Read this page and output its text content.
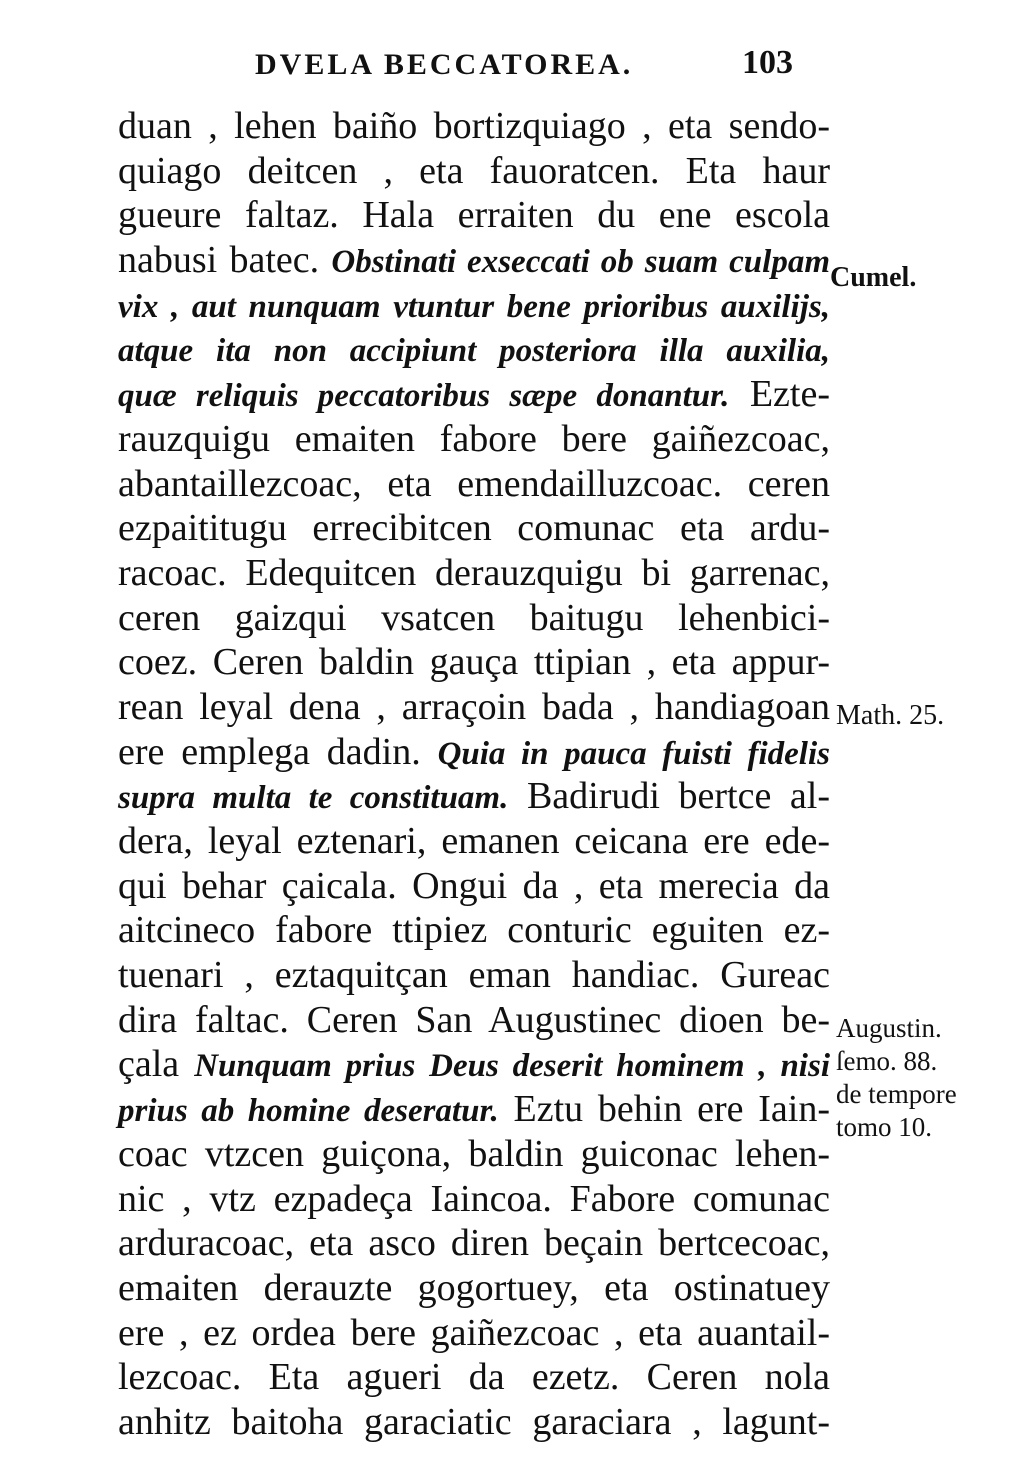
DVELA BECCATOREA.	103
duan , lehen baiño bortizquiago , eta sendo-
quiago deitcen , eta fauoratcen. Eta haur
gueure faltaz. Hala erraiten du ene escola
nabusi batec. Obstinati exseccati ob suam culpam
vix , aut nunquam vtuntur bene prioribus auxilijs,
atque ita non accipiunt posteriora illa auxilia,
quæ reliquis peccatoribus sæpe donantur. Ezte-
rauzquigu emaiten fabore bere gaiñezcoac,
abantaillezcoac, eta emendailluzcoac. ceren
ezpaititugu errecibitcen comunac eta ardu-
racoac. Edequitcen derauzquigu bi garrenac,
ceren gaizqui vsatcen baitugu lehenbici-
coez. Ceren baldin gauça ttipian , eta appur-
rean leyal dena , arraçoin bada , handiagoan
ere emplega dadin. Quia in pauca fuisti fidelis
supra multa te constituam. Badirudi bertce al-
dera, leyal eztenari, emanen ceicana ere ede-
qui behar çaicala. Ongui da , eta merecia da
aitcineco fabore ttipiez conturic eguiten ez-
tuenari , eztaquitçan eman handiac. Gureac
dira faltac. Ceren San Augustinec dioen be-
çala Nunquam prius Deus deserit hominem , nisi
prius ab homine deseratur. Eztu behin ere Iain-
coac vtzcen guiçona, baldin guiconac lehen-
nic , vtz ezpadeça Iaincoa. Fabore comunac
arduracoac, eta asco diren beçain bertcecoac,
emaiten derauzte gogortuey, eta ostinatuey
ere , ez ordea bere gaiñezcoac , eta auantail-
lezcoac. Eta agueri da ezetz. Ceren nola
anhitz baitoha garaciatic garaciara , lagunt-
Cumel.
Math. 25.
Augustin.
ſemo. 88.
de tempore
tomo 10.
